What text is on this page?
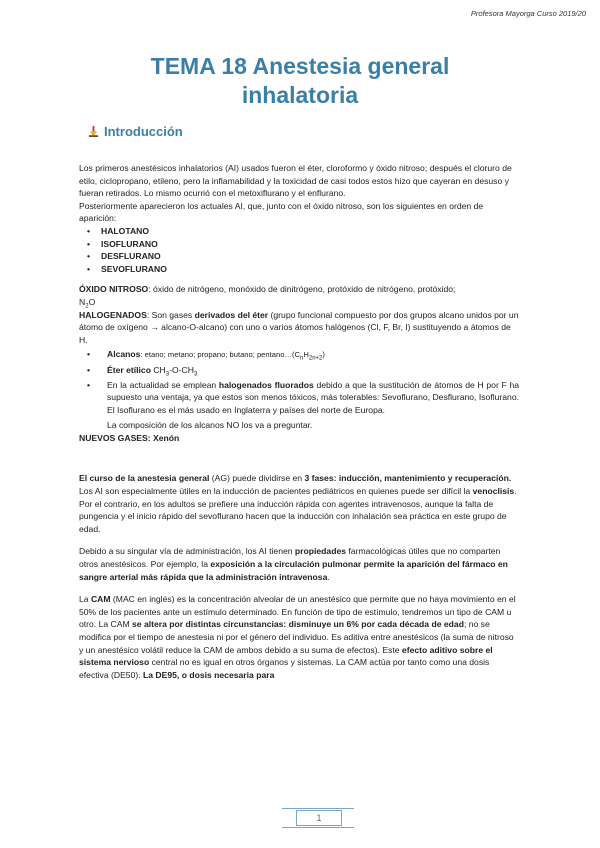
Profesora Mayorga Curso 2019/20
TEMA 18 Anestesia general
inhalatoria
Introducción

Los primeros anestésicos inhalatorios (AI) usados fueron el éter, cloroformo y óxido nitroso; después el cloruro de etilo, ciclopropano, etileno, pero la inflamabilidad y la toxicidad de casi todos estos hizo que cayeran en desuso y fueran retirados. Lo mismo ocurrió con el metoxiflurano y el enflurano.

Posteriormente aparecieron los actuales AI, que, junto con el óxido nitroso, son los siguientes en orden de aparición:

• HALOTANO
• ISOFLURANO
• DESFLURANO
• SEVOFLURANO

ÓXIDO NITROSO: óxido de nitrógeno, monóxido de dinitrógeno, protóxido de nitrógeno, protóxido;
$N_2O$

HALOGENADOS: Son gases derivados del éter (grupo funcional compuesto por dos grupos alcano unidos por un átomo de oxígeno → alcano-O-alcano) con uno o varios átomos halógenos (Cl, F, Br, I) sustituyendo a átomos de H.

• Alcanos: etano; metano; propano; butano; $pentano\dots(C_nH_{2n+2})$
• Éter etílico $CH_3-O-CH_3$
• En la actualidad se emplean halogenados fluorados debido a que la sustitución de átomos de H por F ha supuesto una ventaja, ya que estos son menos tóxicos, más tolerables: Sevoflurano, Desflurano, Isoflurano. El Isoflurano es el más usado en Inglaterra y países del norte de Europa.

La composición de los alcanos NO los va a preguntar.

NUEVOS GASES: Xenón

El curso de la anestesia general (AG) puede dividirse en 3 fases: inducción, mantenimiento y recuperación. Los AI son especialmente útiles en la inducción de pacientes pediátricos en quienes puede ser difícil la venoclisis. Por el contrario, en los adultos se prefiere una inducción rápida con agentes intravenosos, aunque la falta de pungencia y el inicio rápido del sevoflurano hacen que la inducción con inhalación sea práctica en este grupo de edad.

Debido a su singular vía de administración, los AI tienen propiedades farmacológicas útiles que no comparten otros anestésicos. Por ejemplo, la exposición a la circulación pulmonar permite la aparición del fármaco en sangre arterial más rápida que la administración intravenosa.

La CAM (MAC en inglés) es la concentración alveolar de un anestésico que permite que no haya movimiento en el 50% de los pacientes ante un estímulo determinado. En función de tipo de estímulo, tendremos un tipo de CAM u otro. La CAM se altera por distintas circunstancias: disminuye un 6% por cada década de edad; no se modifica por el tiempo de anestesia ni por el género del individuo. Es aditiva entre anestésicos (la suma de nitroso y un anestésico volátil reduce la CAM de ambos debido a su suma de efectos). Este efecto aditivo sobre el sistema nervioso central no es igual en otros órganos y sistemas. La CAM actúa por tanto como una dosis efectiva (DE50). La DE95, o dosis necesaria para

1
